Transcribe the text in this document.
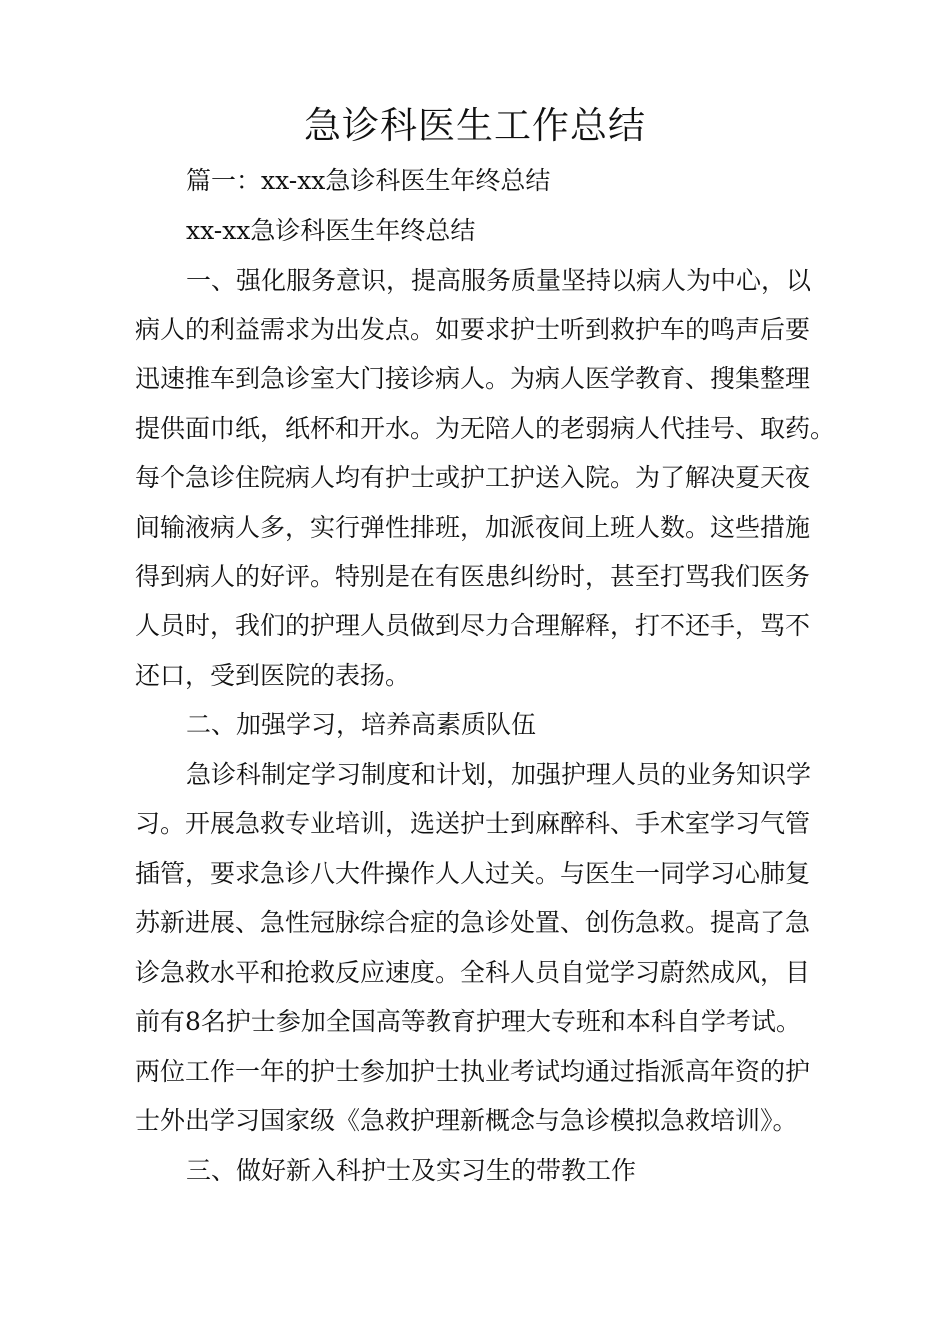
急诊科医生工作总结

篇一：xx-xx急诊科医生年终总结

xx-xx急诊科医生年终总结

一、强化服务意识，提高服务质量坚持以病人为中心，以

病人的利益需求为出发点。如要求护士听到救护车的鸣声后要

迅速推车到急诊室大门接诊病人。为病人医学教育、搜集整理

提供面巾纸，纸杯和开水。为无陪人的老弱病人代挂号、取药。

每个急诊住院病人均有护士或护工护送入院。为了解决夏天夜

间输液病人多，实行弹性排班，加派夜间上班人数。这些措施

得到病人的好评。特别是在有医患纠纷时，甚至打骂我们医务

人员时，我们的护理人员做到尽力合理解释，打不还手，骂不

还口，受到医院的表扬。

二、加强学习，培养高素质队伍

急诊科制定学习制度和计划，加强护理人员的业务知识学

习。开展急救专业培训，选送护士到麻醉科、手术室学习气管

插管，要求急诊八大件操作人人过关。与医生一同学习心肺复

苏新进展、急性冠脉综合症的急诊处置、创伤急救。提高了急

诊急救水平和抢救反应速度。全科人员自觉学习蔚然成风，目

前有8名护士参加全国高等教育护理大专班和本科自学考试。

两位工作一年的护士参加护士执业考试均通过指派高年资的护

士外出学习国家级《急救护理新概念与急诊模拟急救培训》。

三、做好新入科护士及实习生的带教工作
